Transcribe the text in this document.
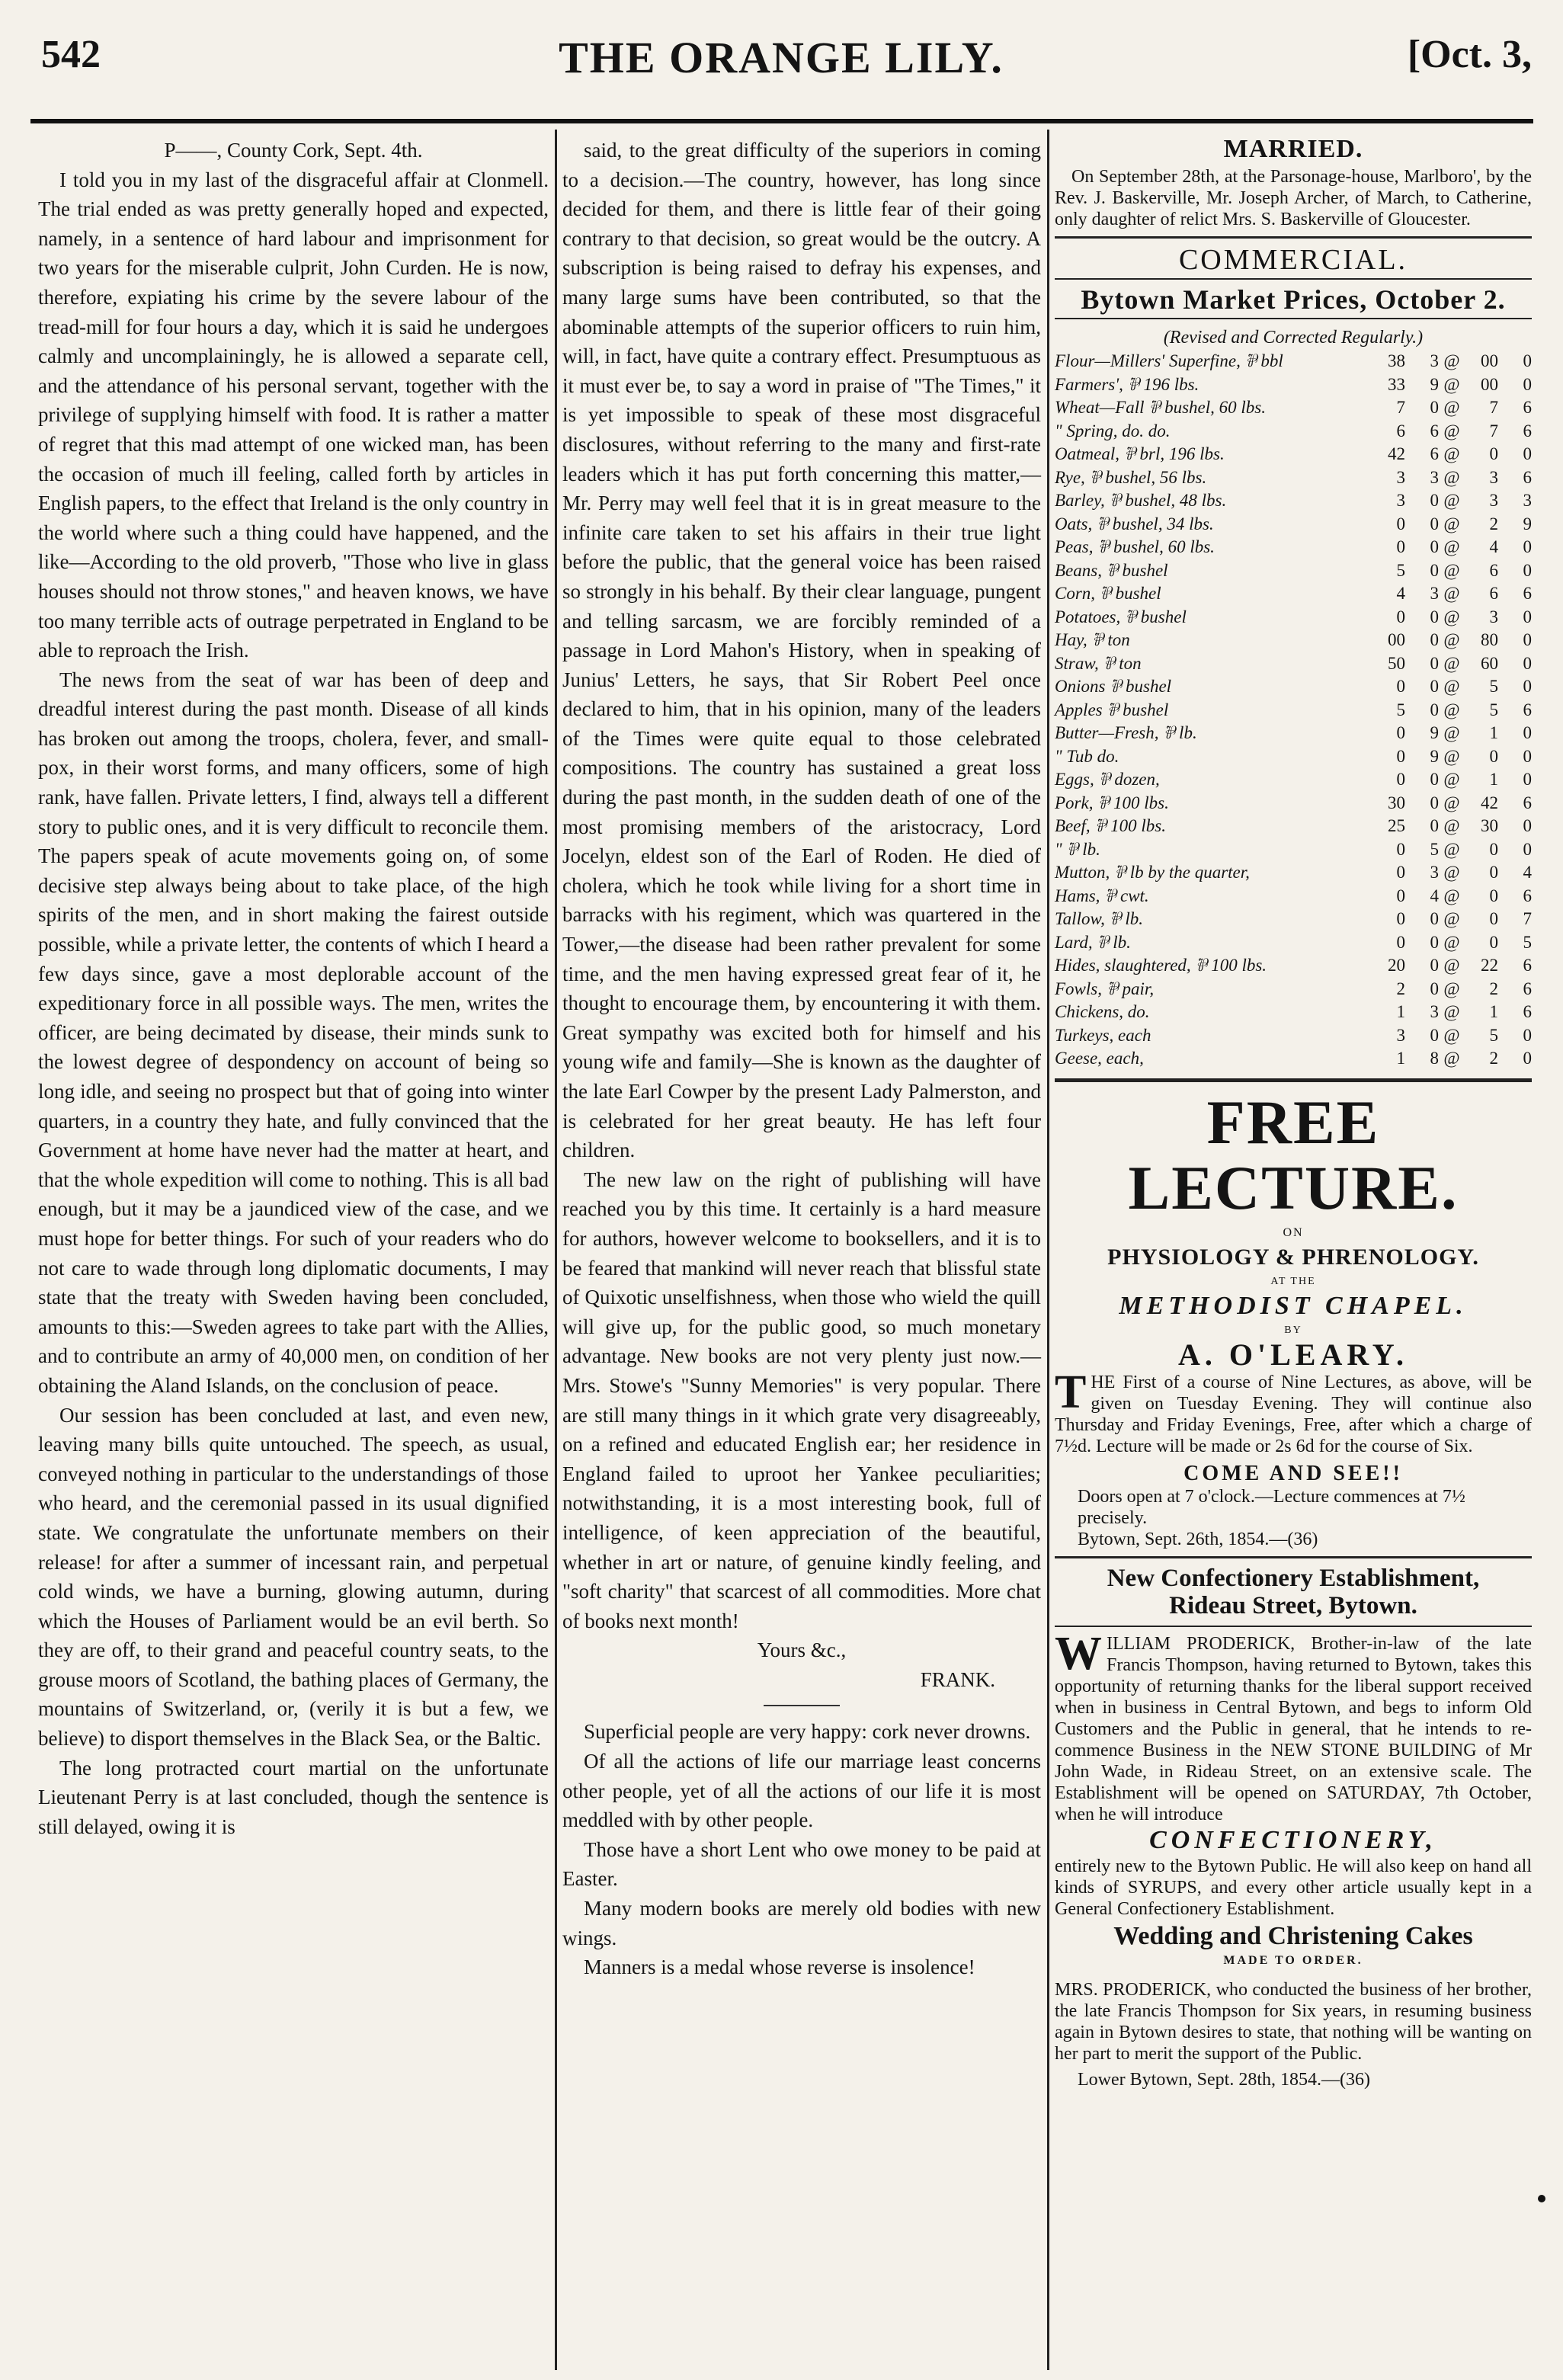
542	THE ORANGE LILY.	[Oct. 3,

P——, County Cork, Sept. 4th.

I told you in my last of the disgraceful affair at Clonmell. The trial ended as was pretty generally hoped and expected, namely, in a sentence of hard labour and imprisonment for two years for the miserable culprit, John Curden. He is now, therefore, expiating his crime by the severe labour of the tread-mill for four hours a day, which it is said he undergoes calmly and uncomplainingly, he is allowed a separate cell, and the attendance of his personal servant, together with the privilege of supplying himself with food. It is rather a matter of regret that this mad attempt of one wicked man, has been the occasion of much ill feeling, called forth by articles in English papers, to the effect that Ireland is the only country in the world where such a thing could have happened, and the like—According to the old proverb, "Those who live in glass houses should not throw stones," and heaven knows, we have too many terrible acts of outrage perpetrated in England to be able to reproach the Irish.

The news from the seat of war has been of deep and dreadful interest during the past month. Disease of all kinds has broken out among the troops, cholera, fever, and small-pox, in their worst forms, and many officers, some of high rank, have fallen. Private letters, I find, always tell a different story to public ones, and it is very difficult to reconcile them. The papers speak of acute movements going on, of some decisive step always being about to take place, of the high spirits of the men, and in short making the fairest outside possible, while a private letter, the contents of which I heard a few days since, gave a most deplorable account of the expeditionary force in all possible ways. The men, writes the officer, are being decimated by disease, their minds sunk to the lowest degree of despondency on account of being so long idle, and seeing no prospect but that of going into winter quarters, in a country they hate, and fully convinced that the Government at home have never had the matter at heart, and that the whole expedition will come to nothing. This is all bad enough, but it may be a jaundiced view of the case, and we must hope for better things. For such of your readers who do not care to wade through long diplomatic documents, I may state that the treaty with Sweden having been concluded, amounts to this:—Sweden agrees to take part with the Allies, and to contribute an army of 40,000 men, on condition of her obtaining the Aland Islands, on the conclusion of peace.

Our session has been concluded at last, and even new, leaving many bills quite untouched. The speech, as usual, conveyed nothing in particular to the understandings of those who heard, and the ceremonial passed in its usual dignified state. We congratulate the unfortunate members on their release! for after a summer of incessant rain, and perpetual cold winds, we have a burning, glowing autumn, during which the Houses of Parliament would be an evil berth. So they are off, to their grand and peaceful country seats, to the grouse moors of Scotland, the bathing places of Germany, the mountains of Switzerland, or, (verily it is but a few, we believe) to disport themselves in the Black Sea, or the Baltic.

The long protracted court martial on the unfortunate Lieutenant Perry is at last concluded, though the sentence is still delayed, owing it is

said, to the great difficulty of the superiors in coming to a decision.—The country, however, has long since decided for them, and there is little fear of their going contrary to that decision, so great would be the outcry. A subscription is being raised to defray his expenses, and many large sums have been contributed, so that the abominable attempts of the superior officers to ruin him, will, in fact, have quite a contrary effect. Presumptuous as it must ever be, to say a word in praise of "The Times," it is yet impossible to speak of these most disgraceful disclosures, without referring to the many and first-rate leaders which it has put forth concerning this matter,—Mr. Perry may well feel that it is in great measure to the infinite care taken to set his affairs in their true light before the public, that the general voice has been raised so strongly in his behalf. By their clear language, pungent and telling sarcasm, we are forcibly reminded of a passage in Lord Mahon's History, when in speaking of Junius' Letters, he says, that Sir Robert Peel once declared to him, that in his opinion, many of the leaders of the Times were quite equal to those celebrated compositions. The country has sustained a great loss during the past month, in the sudden death of one of the most promising members of the aristocracy, Lord Jocelyn, eldest son of the Earl of Roden. He died of cholera, which he took while living for a short time in barracks with his regiment, which was quartered in the Tower,—the disease had been rather prevalent for some time, and the men having expressed great fear of it, he thought to encourage them, by encountering it with them. Great sympathy was excited both for himself and his young wife and family—She is known as the daughter of the late Earl Cowper by the present Lady Palmerston, and is celebrated for her great beauty. He has left four children.

The new law on the right of publishing will have reached you by this time. It certainly is a hard measure for authors, however welcome to booksellers, and it is to be feared that mankind will never reach that blissful state of Quixotic unselfishness, when those who wield the quill will give up, for the public good, so much monetary advantage. New books are not very plenty just now.—Mrs. Stowe's "Sunny Memories" is very popular. There are still many things in it which grate very disagreeably, on a refined and educated English ear; her residence in England failed to uproot her Yankee peculiarities; notwithstanding, it is a most interesting book, full of intelligence, of keen appreciation of the beautiful, whether in art or nature, of genuine kindly feeling, and "soft charity" that scarcest of all commodities. More chat of books next month!

Yours &c.,

FRANK.

Superficial people are very happy: cork never drowns.

Of all the actions of life our marriage least concerns other people, yet of all the actions of our life it is most meddled with by other people.

Those have a short Lent who owe money to be paid at Easter.

Many modern books are merely old bodies with new wings.

Manners is a medal whose reverse is insolence!

MARRIED.
On September 28th, at the Parsonage-house, Marlboro', by the Rev. J. Baskerville, Mr. Joseph Archer, of March, to Catherine, only daughter of relict Mrs. S. Baskerville of Gloucester.
COMMERCIAL.
Bytown Market Prices, October 2.
(Revised and Corrected Regularly.)
Flour—Millers' Superfine, ⅌ bbl	38	3	@	00	0
Farmers', ⅌ 196 lbs.	33	9	@	00	0
Wheat—Fall ⅌ bushel, 60 lbs.	7	0	@	7	6
" Spring, do. do.	6	6	@	7	6
Oatmeal, ⅌ brl, 196 lbs.	42	6	@	0	0
Rye, ⅌ bushel, 56 lbs.	3	3	@	3	6
Barley, ⅌ bushel, 48 lbs.	3	0	@	3	3
Oats, ⅌ bushel, 34 lbs.	0	0	@	2	9
Peas, ⅌ bushel, 60 lbs.	0	0	@	4	0
Beans, ⅌ bushel	5	0	@	6	0
Corn, ⅌ bushel	4	3	@	6	6
Potatoes, ⅌ bushel	0	0	@	3	0
Hay, ⅌ ton	00	0	@	80	0
Straw, ⅌ ton	50	0	@	60	0
Onions ⅌ bushel	0	0	@	5	0
Apples ⅌ bushel	5	0	@	5	6
Butter—Fresh, ⅌ lb.	0	9	@	1	0
" Tub do.	0	9	@	0	0
Eggs, ⅌ dozen,	0	0	@	1	0
Pork, ⅌ 100 lbs.	30	0	@	42	6
Beef, ⅌ 100 lbs.	25	0	@	30	0
" ⅌ lb.	0	5	@	0	0
Mutton, ⅌ lb by the quarter,	0	3	@	0	4
Hams, ⅌ cwt.	0	4	@	0	6
Tallow, ⅌ lb.	0	0	@	0	7
Lard, ⅌ lb.	0	0	@	0	5
Hides, slaughtered, ⅌ 100 lbs.	20	0	@	22	6
Fowls, ⅌ pair,	2	0	@	2	6
Chickens, do.	1	3	@	1	6
Turkeys, each	3	0	@	5	0
Geese, each,	1	8	@	2	0
FREE LECTURE.
ON
PHYSIOLOGY & PHRENOLOGY.
AT THE
METHODIST CHAPEL.
BY
A. O'LEARY.
T HE First of a course of Nine Lectures, as above, will be given on Tuesday Evening. They will continue also Thursday and Friday Evenings, Free, after which a charge of 7½d. Lecture will be made or 2s 6d for the course of Six.
COME AND SEE!!
Doors open at 7 o'clock.—Lecture commences at 7½ precisely.
Bytown, Sept. 26th, 1854.—(36)
New Confectionery Establishment,
Rideau Street, Bytown.
W ILLIAM PRODERICK, Brother-in-law of the late Francis Thompson, having returned to Bytown, takes this opportunity of returning thanks for the liberal support received when in business in Central Bytown, and begs to inform Old Customers and the Public in general, that he intends to re-commence Business in the NEW STONE BUILDING of Mr John Wade, in Rideau Street, on an extensive scale. The Establishment will be opened on SATURDAY, 7th October, when he will introduce
CONFECTIONERY,
entirely new to the Bytown Public. He will also keep on hand all kinds of SYRUPS, and every other article usually kept in a General Confectionery Establishment.
Wedding and Christening Cakes
MADE TO ORDER.
MRS. PRODERICK, who conducted the business of her brother, the late Francis Thompson for Six years, in resuming business again in Bytown desires to state, that nothing will be wanting on her part to merit the support of the Public.
Lower Bytown, Sept. 28th, 1854.—(36)
